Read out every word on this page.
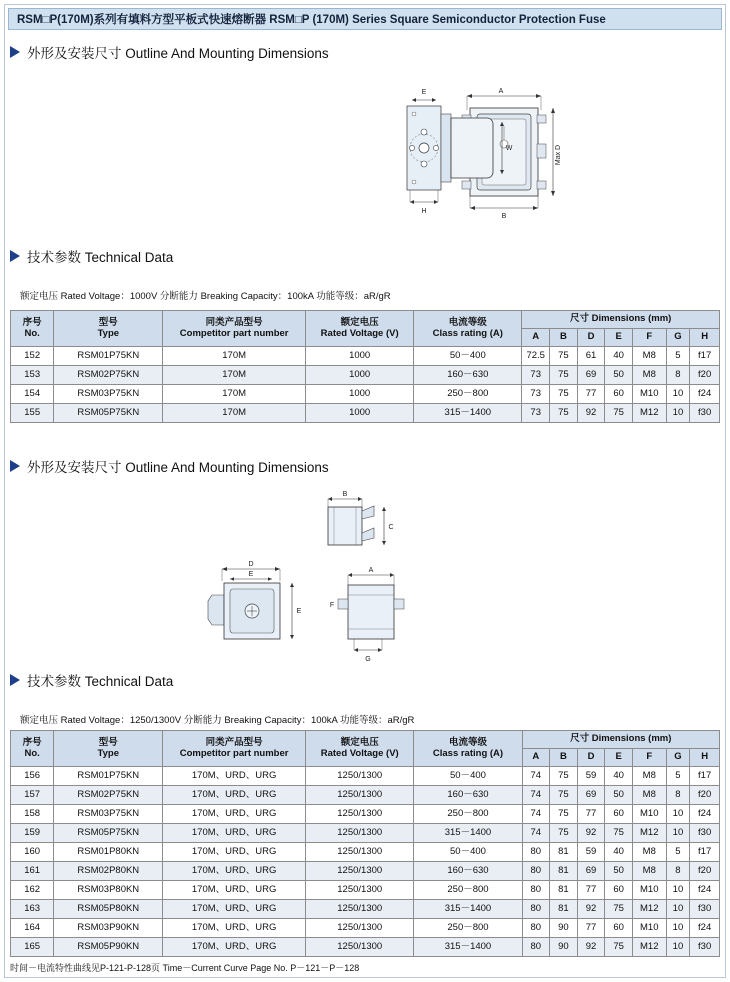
RSM□P(170M)系列有填料方型平板式快速熔断器 RSM□P (170M) Series Square Semiconductor Protection Fuse
外形及安装尺寸 Outline And Mounting Dimensions
A
Max D
B
E
H
W
技术参数 Technical Data
额定电压 Rated Voltage：1000V 分断能力 Breaking Capacity：100kA 功能等级：aR/gR
序号
No.	型号
Type	同类产品型号
Competitor part number	额定电压
Rated Voltage (V)	电流等级
Class rating (A)	尺寸 Dimensions (mm)						
					A	B	D	E	F	G	H
152	RSM01P75KN	170M	1000	50－400	72.5	75	61	40	M8	5	f17
153	RSM02P75KN	170M	1000	160－630	73	75	69	50	M8	8	f20
154	RSM03P75KN	170M	1000	250－800	73	75	77	60	M10	10	f24
155	RSM05P75KN	170M	1000	315－1400	73	75	92	75	M12	10	f30
外形及安装尺寸 Outline And Mounting Dimensions
B
C
D
E
E
A
F
G
技术参数 Technical Data
额定电压 Rated Voltage：1250/1300V 分断能力 Breaking Capacity：100kA 功能等级：aR/gR
序号
No.	型号
Type	同类产品型号
Competitor part number	额定电压
Rated Voltage (V)	电流等级
Class rating (A)	尺寸 Dimensions (mm)						
					A	B	D	E	F	G	H
156	RSM01P75KN	170M、URD、URG	1250/1300	50－400	74	75	59	40	M8	5	f17
157	RSM02P75KN	170M、URD、URG	1250/1300	160－630	74	75	69	50	M8	8	f20
158	RSM03P75KN	170M、URD、URG	1250/1300	250－800	74	75	77	60	M10	10	f24
159	RSM05P75KN	170M、URD、URG	1250/1300	315－1400	74	75	92	75	M12	10	f30
160	RSM01P80KN	170M、URD、URG	1250/1300	50－400	80	81	59	40	M8	5	f17
161	RSM02P80KN	170M、URD、URG	1250/1300	160－630	80	81	69	50	M8	8	f20
162	RSM03P80KN	170M、URD、URG	1250/1300	250－800	80	81	77	60	M10	10	f24
163	RSM05P80KN	170M、URD、URG	1250/1300	315－1400	80	81	92	75	M12	10	f30
164	RSM03P90KN	170M、URD、URG	1250/1300	250－800	80	90	77	60	M10	10	f24
165	RSM05P90KN	170M、URD、URG	1250/1300	315－1400	80	90	92	75	M12	10	f30
时间－电流特性曲线见P-121-P-128页 Time－Current Curve Page No. P－121－P－128
